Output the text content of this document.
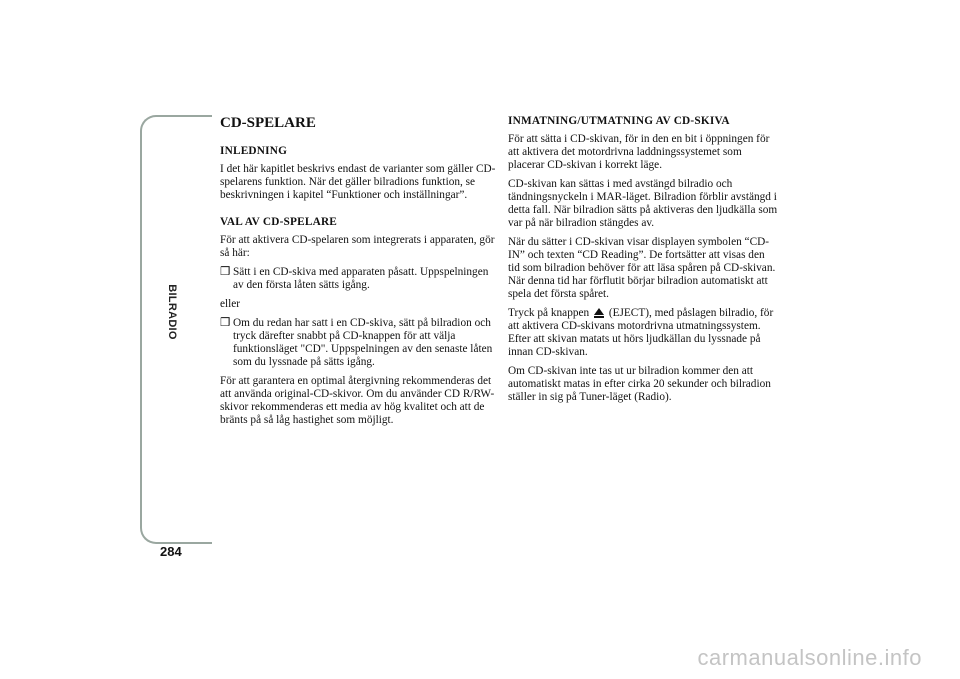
BILRADIO
284
CD-SPELARE
INLEDNING

I det här kapitlet beskrivs endast de varianter som gäller CD-spelarens funktion. När det gäller bilradions funktion, se beskrivningen i kapitel “Funktioner och inställningar”.

VAL AV CD-SPELARE

För att aktivera CD-spelaren som integrerats i apparaten, gör så här:

❒ Sätt i en CD-skiva med apparaten påsatt. Uppspelningen av den första låten sätts igång.

eller

❒ Om du redan har satt i en CD-skiva, sätt på bilradion och tryck därefter snabbt på CD-knappen för att välja funktionsläget "CD". Uppspelningen av den senaste låten som du lyssnade på sätts igång.

För att garantera en optimal återgivning rekommenderas det att använda original-CD-skivor. Om du använder CD R/RW-skivor rekommenderas ett media av hög kvalitet och att de bränts på så låg hastighet som möjligt.

INMATNING/UTMATNING AV CD-SKIVA

För att sätta i CD-skivan, för in den en bit i öppningen för att aktivera det motordrivna laddningssystemet som placerar CD-skivan i korrekt läge.

CD-skivan kan sättas i med avstängd bilradio och tändningsnyckeln i MAR-läget. Bilradion förblir avstängd i detta fall. När bilradion sätts på aktiveras den ljudkälla som var på när bilradion stängdes av.

När du sätter i CD-skivan visar displayen symbolen “CD-IN” och texten “CD Reading”. De fortsätter att visas den tid som bilradion behöver för att läsa spåren på CD-skivan. När denna tid har förflutit börjar bilradion automatiskt att spela det första spåret.

Tryck på knappen (EJECT), med påslagen bilradio, för att aktivera CD-skivans motordrivna utmatningssystem. Efter att skivan matats ut hörs ljudkällan du lyssnade på innan CD-skivan.

Om CD-skivan inte tas ut ur bilradion kommer den att automatiskt matas in efter cirka 20 sekunder och bilradion ställer in sig på Tuner-läget (Radio).

carmanualsonline.info
